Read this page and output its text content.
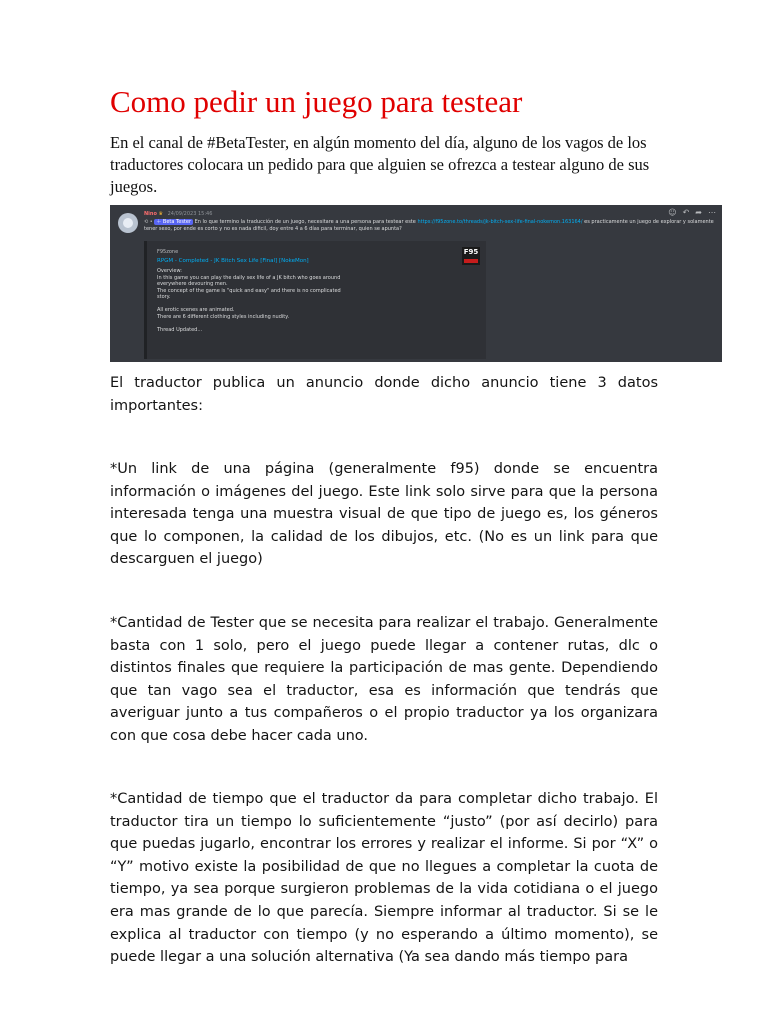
Como pedir un juego para testear

En el canal de #BetaTester, en algún momento del día, alguno de los vagos de los traductores colocara un pedido para que alguien se ofrezca a testear alguno de sus juegos.

Nino ♛ 24/09/2023 15:46
⟲ • ＋ Beta Tester En lo que termino la traducción de un juego, necesitare a una persona para testear este https://f95zone.to/threads/jk-bitch-sex-life-final-nokemon.163164/ es practicamente un juego de explorar y solamente tener sexo, por ende es corto y no es nada dificil, doy entre 4 a 6 días para terminar, quien se apunta?
☺ ↶ ➦ ⋯
F95zone
RPGM - Completed - JK Bitch Sex Life [Final] [NokeMon]
Overview:
In this game you can play the daily sex life of a JK bitch who goes around
everywhere devouring men.
The concept of the game is "quick and easy" and there is no complicated
story.

All erotic scenes are animated.
There are 6 different clothing styles including nudity.

Thread Updated...
F95

El traductor publica un anuncio donde dicho anuncio tiene 3 datos importantes:

*Un link de una página (generalmente f95) donde se encuentra información o imágenes del juego. Este link solo sirve para que la persona interesada tenga una muestra visual de que tipo de juego es, los géneros que lo componen, la calidad de los dibujos, etc. (No es un link para que descarguen el juego)

*Cantidad de Tester que se necesita para realizar el trabajo. Generalmente basta con 1 solo, pero el juego puede llegar a contener rutas, dlc o distintos finales que requiere la participación de mas gente. Dependiendo que tan vago sea el traductor, esa es información que tendrás que averiguar junto a tus compañeros o el propio traductor ya los organizara con que cosa debe hacer cada uno.

*Cantidad de tiempo que el traductor da para completar dicho trabajo. El traductor tira un tiempo lo suficientemente “justo” (por así decirlo) para que puedas jugarlo, encontrar los errores y realizar el informe. Si por “X” o “Y” motivo existe la posibilidad de que no llegues a completar la cuota de tiempo, ya sea porque surgieron problemas de la vida cotidiana o el juego era mas grande de lo que parecía. Siempre informar al traductor. Si se le explica al traductor con tiempo (y no esperando a último momento), se puede llegar a una solución alternativa (Ya sea dando más tiempo para
